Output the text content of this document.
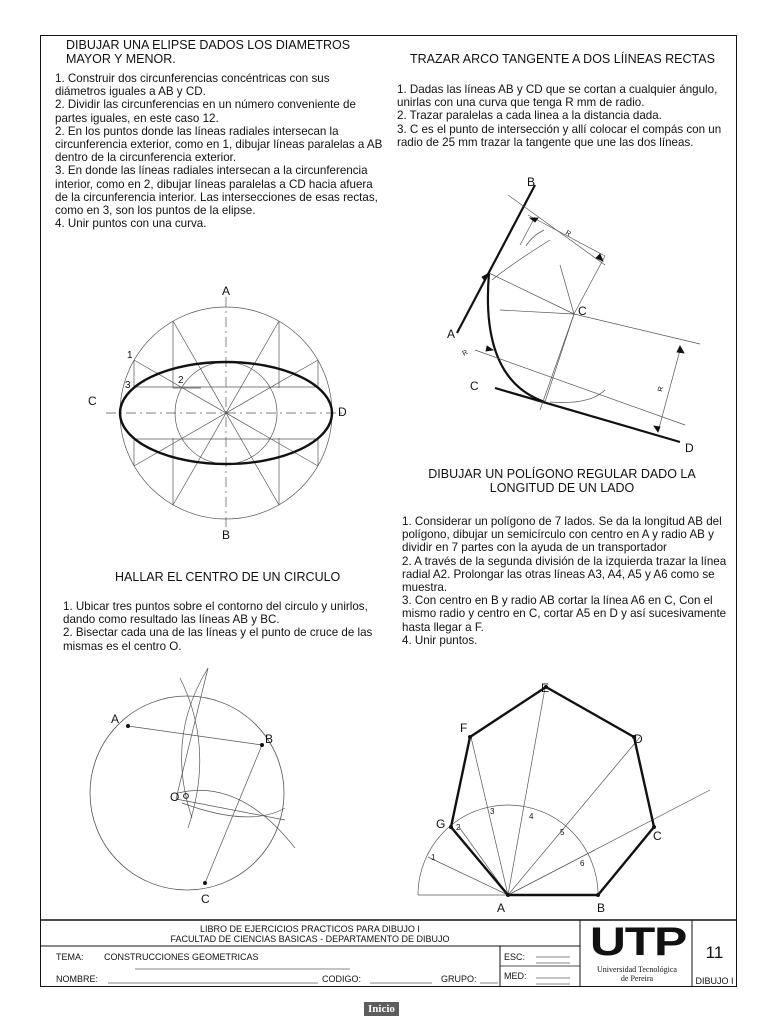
DIBUJAR UNA ELIPSE DADOS LOS DIAMETROS
MAYOR Y MENOR.

1. Construir dos circunferencias concéntricas con sus diámetros iguales a AB y CD.

2. Dividir las circunferencias en un número conveniente de partes iguales, en este caso 12.

2. En los puntos donde las líneas radiales intersecan la circunferencia exterior, como en 1, dibujar líneas paralelas a AB dentro de la circunferencia exterior.

3. En donde las líneas radiales intersecan a la circunferencia interior, como en 2, dibujar líneas paralelas a CD hacia afuera de la circunferencia interior. Las intersecciones de esas rectas, como en 3, son los puntos de la elipse.

4. Unir puntos con una curva.

A
B
C
D
1
2
3
TRAZAR ARCO TANGENTE A DOS LÍINEAS RECTAS

1. Dadas las líneas AB y CD que se cortan a cualquier ángulo, unirlas con una curva que tenga R mm de radio.

2. Trazar paralelas a cada linea a la distancia dada.

3. C es el punto de intersección y allí colocar el compás con un radio de 25 mm trazar la tangente que une las dos líneas.

B
A
C
C
D
R
R
R
DIBUJAR UN POLÍGONO REGULAR DADO LA
LONGITUD DE UN LADO

1. Considerar un polígono de 7 lados. Se da la longitud AB del polígono, dibujar un semicírculo con centro en A y radio AB y dividir en 7 partes con la ayuda de un transportador

2. A través de la segunda división de la izquierda trazar la línea radial A2. Prolongar las otras líneas A3, A4, A5 y A6 como se muestra.

3. Con centro en B y radio AB cortar la línea A6 en C, Con el mismo radio y centro en C, cortar A5 en D y así sucesivamente hasta llegar a F.

4. Unir puntos.

A	B
C
D
E
F
G
1
2
3
4
5
6
HALLAR EL CENTRO DE UN CIRCULO

1. Ubicar tres puntos sobre el contorno del circulo y unirlos, dando como resultado las líneas AB y BC.

2. Bisectar cada una de las líneas y el punto de cruce de las mismas es el centro O.

A
B
C
O
LIBRO DE EJERCICIOS PRACTICOS PARA DIBUJO I
FACULTAD DE CIENCIAS BASICAS - DEPARTAMENTO DE DIBUJO
TEMA: CONSTRUCCIONES GEOMETRICAS
NOMBRE:	CODIGO:	GRUPO:
ESC:
MED:
UTP
Universidad Tecnológica
de Pereira
11
DIBUJO I
Inicio
